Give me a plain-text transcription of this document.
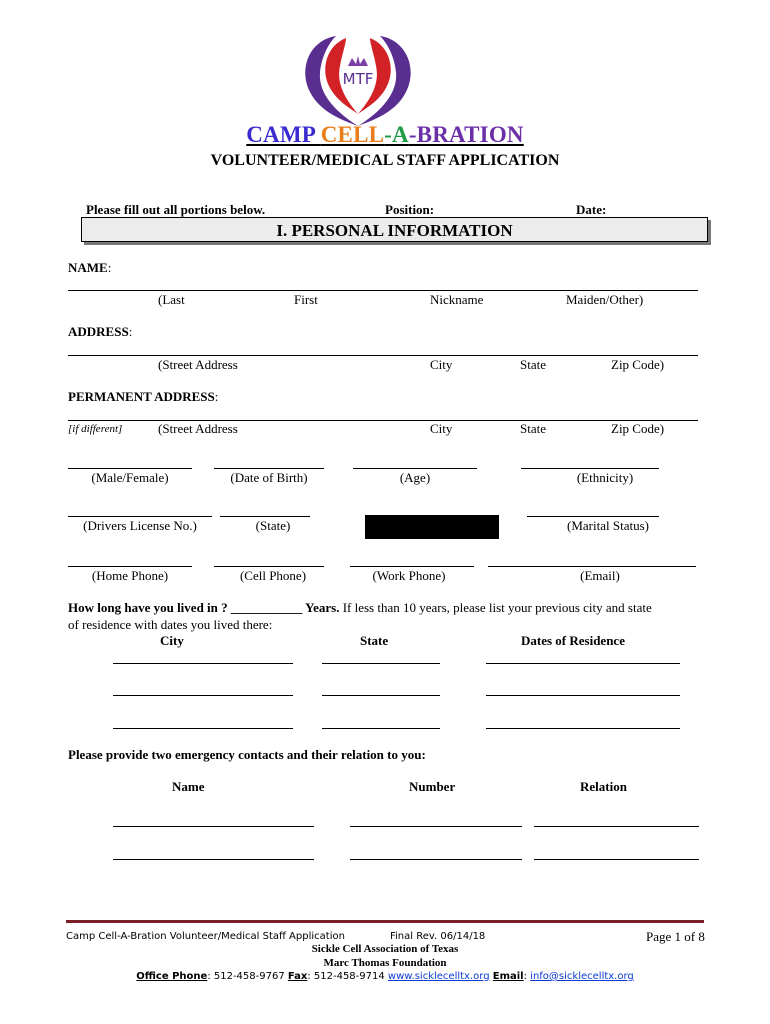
MTF
CAMP CELL-A-BRATION
VOLUNTEER/MEDICAL STAFF APPLICATION
Please fill out all portions below.	Position:	Date:
I. PERSONAL INFORMATION
NAME:
(Last	First	Nickname	Maiden/Other)
ADDRESS:
(Street Address	City	State	Zip Code)
PERMANENT ADDRESS:
[if different]	(Street Address	City	State	Zip Code)
(Male/Female)	(Date of Birth)	(Age)	(Ethnicity)
(Drivers License No.)	(State)	(Marital Status)
(Home Phone)	(Cell Phone)	(Work Phone)	(Email)
How long have you lived in ? ___________ Years. If less than 10 years, please list your previous city and state
of residence with dates you lived there:
City	State	Dates of Residence
Please provide two emergency contacts and their relation to you:
Name	Number	Relation
Camp Cell-A-Bration Volunteer/Medical Staff Application	Final Rev. 06/14/18	Page 1 of 8
Sickle Cell Association of Texas
Marc Thomas Foundation
Office Phone: 512-458-9767 Fax: 512-458-9714 www.sicklecelltx.org Email: info@sicklecelltx.org
